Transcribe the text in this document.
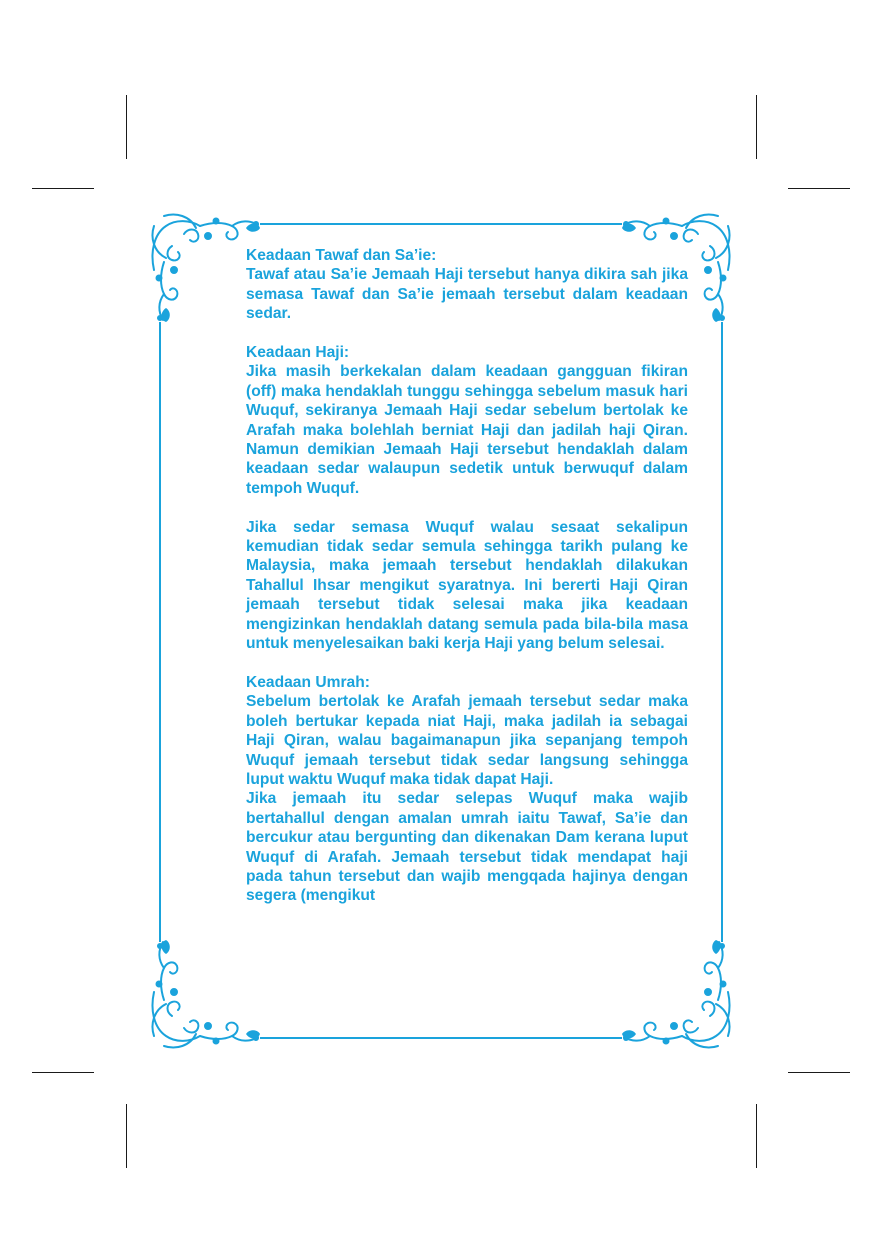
Keadaan Tawaf dan Sa’ie:
Tawaf atau Sa’ie Jemaah Haji tersebut hanya dikira sah jika semasa Tawaf dan Sa’ie jemaah tersebut dalam keadaan sedar.
Keadaan Haji:
Jika masih berkekalan dalam keadaan gangguan fikiran (off) maka hendaklah tunggu sehingga sebelum masuk hari Wuquf, sekiranya Jemaah Haji sedar sebelum bertolak ke Arafah maka bolehlah berniat Haji dan jadilah haji Qiran. Namun demikian Jemaah Haji tersebut hendaklah dalam keadaan sedar walaupun sedetik untuk berwuquf dalam tempoh Wuquf.
Jika sedar semasa Wuquf walau sesaat sekalipun kemudian tidak sedar semula sehingga tarikh pulang ke Malaysia, maka jemaah tersebut hendaklah dilakukan Tahallul Ihsar mengikut syaratnya. Ini bererti Haji Qiran jemaah tersebut tidak selesai maka jika keadaan mengizinkan hendaklah datang semula pada bila-bila masa untuk menyelesaikan baki kerja Haji yang belum selesai.
Keadaan Umrah:
Sebelum bertolak ke Arafah jemaah tersebut sedar maka boleh bertukar kepada niat Haji, maka jadilah ia sebagai Haji Qiran, walau bagaimanapun jika sepanjang tempoh Wuquf jemaah tersebut tidak sedar langsung sehingga luput waktu Wuquf maka tidak dapat Haji.
Jika jemaah itu sedar selepas Wuquf maka wajib bertahallul dengan amalan umrah iaitu Tawaf, Sa’ie dan bercukur atau bergunting dan dikenakan Dam kerana luput Wuquf di Arafah. Jemaah tersebut tidak mendapat haji pada tahun tersebut dan wajib mengqada hajinya dengan segera (mengikut
